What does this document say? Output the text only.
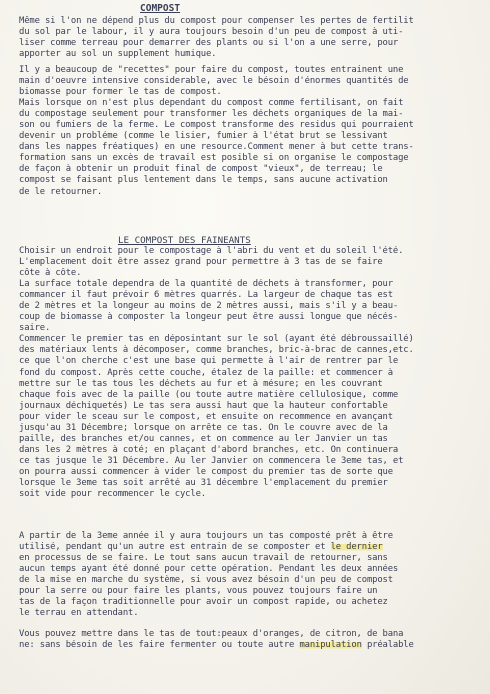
COMPOST
Même si l'on ne dépend plus du compost pour compenser les pertes de fertilit
du sol par le labour, il y aura toujours besoin d'un peu de compost à uti-
liser comme terreau pour demarrer des plants ou si l'on a une serre, pour
apporter au sol un supplement humique.
Il y a beaucoup de "recettes" pour faire du compost, toutes entrainent une
main d'oeuvre intensive considerable, avec le bésoin d'énormes quantités de
biomasse pour former le tas de compost.
Mais lorsque on n'est plus dependant du compost comme fertilisant, on fait
du compostage seulement pour transformer les déchets organiques de la mai-
son ou fumiers de la ferme. Le compost transforme des residus qui pourraient
devenir un probléme (comme le lisier, fumier à l'état brut se lessivant
dans les nappes fréatiques) en une resource.Comment mener à but cette trans-
formation sans un excès de travail est posible si on organise le compostage
de façon à obtenir un produit final de compost "vieux", de terreau; le
compost se faisant plus lentement dans le temps, sans aucune activation
de le retourner.
LE COMPOST DES FAINEANTS
Choisir un endroit pour le compostage à l'abri du vent et du soleil l'été.
L'emplacement doit être assez grand pour permettre à 3 tas de se faire
côte à côte.
La surface totale dependra de la quantité de déchets à transformer, pour
commancer il faut prévoir 6 mètres quarrés. La largeur de chaque tas est
de 2 mètres et la longeur au moins de 2 mètres aussi, mais s'il y a beau-
coup de biomasse à composter la longeur peut être aussi longue que nécés-
saire.
Commencer le premier tas en déposintant sur le sol (ayant été débroussaillé)
des matériaux lents à décomposer, comme branches, bric-à-brac de cannes,etc.
ce que l'on cherche c'est une base qui permette à l'air de rentrer par le
fond du compost. Après cette couche, étalez de la paille: et commencer à
mettre sur le tas tous les déchets au fur et à mésure; en les couvrant
chaque fois avec de la paille (ou toute autre matière cellulosique, comme
journaux déchiquetés) Le tas sera aussi haut que la hauteur confortable
pour vider le sceau sur le compost, et ensuite on recommence en avançant
jusqu'au 31 Décembre; lorsque on arrête ce tas. On le couvre avec de la
paille, des branches et/ou cannes, et on commence au ler Janvier un tas
dans les 2 mètres à coté; en plaçant d'abord branches, etc. On continuera
ce tas jusque le 31 Décembre. Au ler Janvier on commencera le 3eme tas, et
on pourra aussi commencer à vider le compost du premier tas de sorte que
lorsque le 3eme tas soit arrêté au 31 décembre l'emplacement du premier
soit vide pour recommencer le cycle.
A partir de la 3eme année il y aura toujours un tas composté prêt à être
utilisé, pendant qu'un autre est entrain de se composter et le dernier
en processus de se faire. Le tout sans aucun travail de retourner, sans
aucun temps ayant été donné pour cette opération. Pendant les deux années
de la mise en marche du système, si vous avez bésoin d'un peu de compost
pour la serre ou pour faire les plants, vous pouvez toujours faire un
tas de la façon traditionnelle pour avoir un compost rapide, ou achetez
le terrau en attendant.
Vous pouvez mettre dans le tas de tout:peaux d'oranges, de citron, de bana
ne: sans bésoin de les faire fermenter ou toute autre manipulation préalable
